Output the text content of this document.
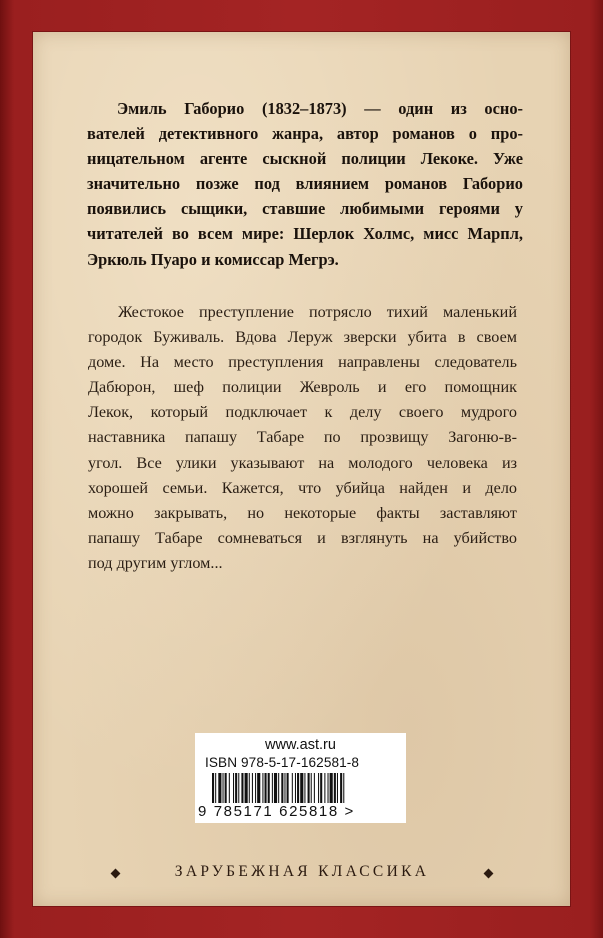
Эмиль Габорио (1832–1873) — один из осно-
вателей детективного жанра, автор романов о про-
ницательном агенте сыскной полиции Лекоке. Уже
значительно позже под влиянием романов Габорио
появились сыщики, ставшие любимыми героями у
читателей во всем мире: Шерлок Холмс, мисс Марпл,
Эркюль Пуаро и комиссар Мегрэ.
Жестокое преступление потрясло тихий маленький
городок Буживаль. Вдова Леруж зверски убита в своем
доме. На место преступления направлены следователь
Дабюрон, шеф полиции Жевроль и его помощник
Лекок, который подключает к делу своего мудрого
наставника папашу Табаре по прозвищу Загоню-в-
угол. Все улики указывают на молодого человека из
хорошей семьи. Кажется, что убийца найден и дело
можно закрывать, но некоторые факты заставляют
папашу Табаре сомневаться и взглянуть на убийство
под другим углом...
www.ast.ru
ISBN 978-5-17-162581-8
9 785171 625818 >
ЗАРУБЕЖНАЯ КЛАССИКА
